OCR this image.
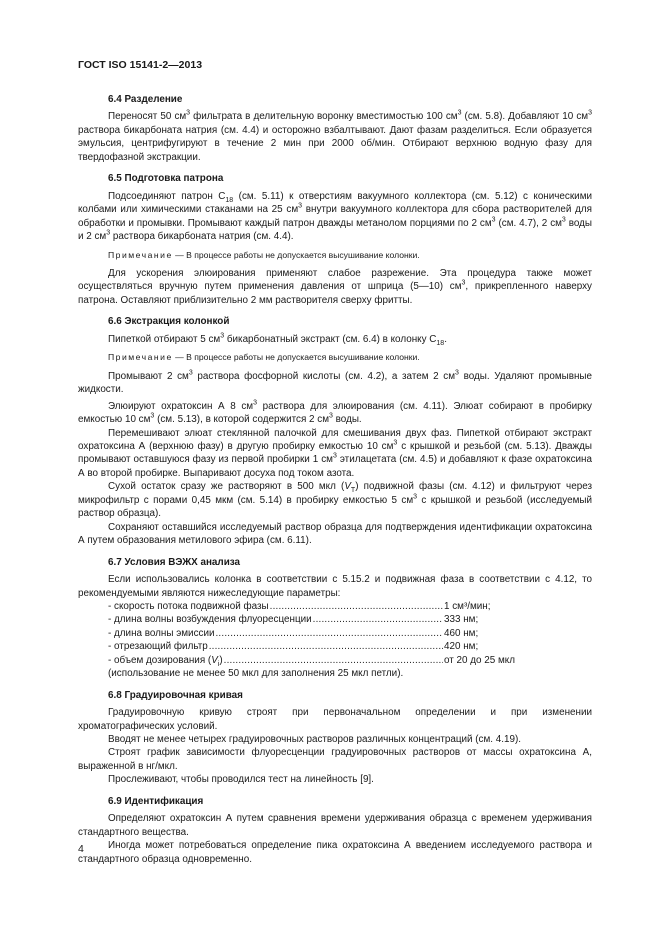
ГОСТ ISO 15141-2—2013
6.4 Разделение

Переносят 50 $см^3$ фильтрата в делительную воронку вместимостью 100 $см^3$ (см. 5.8). Добавляют 10 $см^3$ раствора бикарбоната натрия (см. 4.4) и осторожно взбалтывают. Дают фазам разделиться. Если образуется эмульсия, центрифугируют в течение 2 мин при 2000 об/мин. Отбирают верхнюю водную фазу для твердофазной экстракции.

6.5 Подготовка патрона

Подсоединяют патрон $C_{18}$ (см. 5.11) к отверстиям вакуумного коллектора (см. 5.12) с коническими колбами или химическими стаканами на 25 $см^3$ внутри вакуумного коллектора для сбора растворителей для обработки и промывки. Промывают каждый патрон дважды метанолом порциями по 2 $см^3$ (см. 4.7), 2 $см^3$ воды и 2 $см^3$ раствора бикарбоната натрия (см. 4.4).

Примечание — В процессе работы не допускается высушивание колонки.

Для ускорения элюирования применяют слабое разрежение. Эта процедура также может осуществляться вручную путем применения давления от шприца (5—10) $см^3$, прикрепленного наверху патрона. Оставляют приблизительно 2 мм растворителя сверху фритты.

6.6 Экстракция колонкой

Пипеткой отбирают 5 $см^3$ бикарбонатный экстракт (см. 6.4) в колонку $C_{18}$.

Примечание — В процессе работы не допускается высушивание колонки.

Промывают 2 $см^3$ раствора фосфорной кислоты (см. 4.2), а затем 2 $см^3$ воды. Удаляют промывные жидкости.

Элюируют охратоксин А 8 $см^3$ раствора для элюирования (см. 4.11). Элюат собирают в пробирку емкостью 10 $см^3$ (см. 5.13), в которой содержится 2 $см^3$ воды.

Перемешивают элюат стеклянной палочкой для смешивания двух фаз. Пипеткой отбирают экстракт охратоксина А (верхнюю фазу) в другую пробирку емкостью 10 $см^3$ с крышкой и резьбой (см. 5.13). Дважды промывают оставшуюся фазу из первой пробирки 1 $см^3$ этилацетата (см. 4.5) и добавляют к фазе охратоксина А во второй пробирке. Выпаривают досуха под током азота.

Сухой остаток сразу же растворяют в 500 мкл $(V_T)$ подвижной фазы (см. 4.12) и фильтруют через микрофильтр с порами 0,45 мкм (см. 5.14) в пробирку емкостью 5 $см^3$ с крышкой и резьбой (исследуемый раствор образца).

Сохраняют оставшийся исследуемый раствор образца для подтверждения идентификации охратоксина А путем образования метилового эфира (см. 6.11).

6.7 Условия ВЭЖХ анализа

Если использовались колонка в соответствии с 5.15.2 и подвижная фаза в соответствии с 4.12, то рекомендуемыми являются нижеследующие параметры:

- скорость потока подвижной фазы .....	1 см³/мин;
- длина волны возбуждения флуоресценции .....	333 нм;
- длина волны эмиссии .....	460 нм;
- отрезающий фильтр .....	420 нм;
- объем дозирования $(V_i)$ .....	от 20 до 25 мкл
(использование не менее 50 мкл для заполнения 25 мкл петли).
6.8 Градуировочная кривая

Градуировочную кривую строят при первоначальном определении и при изменении хроматографических условий.

Вводят не менее четырех градуировочных растворов различных концентраций (см. 4.19).

Строят график зависимости флуоресценции градуировочных растворов от массы охратоксина А, выраженной в нг/мкл.

Прослеживают, чтобы проводился тест на линейность [9].

6.9 Идентификация

Определяют охратоксин А путем сравнения времени удерживания образца с временем удерживания стандартного вещества.

Иногда может потребоваться определение пика охратоксина А введением исследуемого раствора и стандартного образца одновременно.

4
